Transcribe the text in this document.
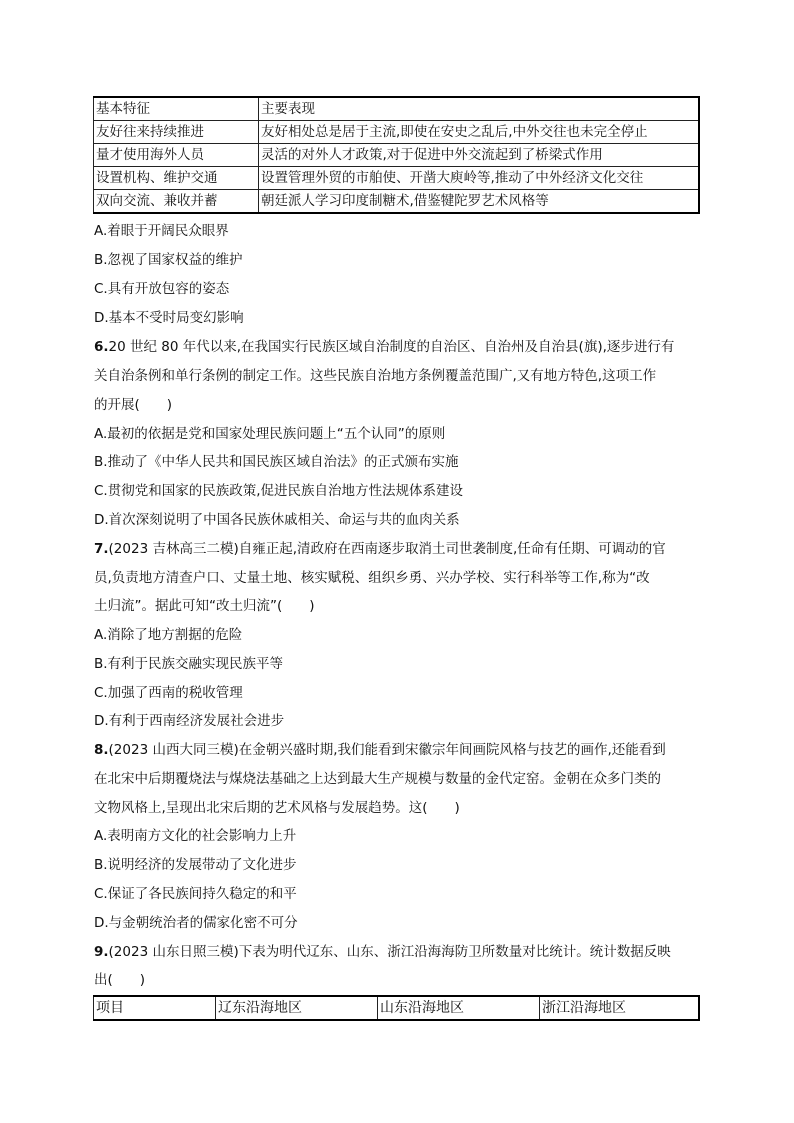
基本特征	主要表现
友好往来持续推进	友好相处总是居于主流,即使在安史之乱后,中外交往也未完全停止
量才使用海外人员	灵活的对外人才政策,对于促进中外交流起到了桥梁式作用
设置机构、维护交通	设置管理外贸的市舶使、开凿大庾岭等,推动了中外经济文化交往
双向交流、兼收并蓄	朝廷派人学习印度制糖术,借鉴犍陀罗艺术风格等
A.着眼于开阔民众眼界
B.忽视了国家权益的维护
C.具有开放包容的姿态
D.基本不受时局变幻影响
6.20 世纪 80 年代以来,在我国实行民族区域自治制度的自治区、自治州及自治县(旗),逐步进行有
关自治条例和单行条例的制定工作。这些民族自治地方条例覆盖范围广,又有地方特色,这项工作
的开展(　　)
A.最初的依据是党和国家处理民族问题上“五个认同”的原则
B.推动了《中华人民共和国民族区域自治法》的正式颁布实施
C.贯彻党和国家的民族政策,促进民族自治地方性法规体系建设
D.首次深刻说明了中国各民族休戚相关、命运与共的血肉关系
7.(2023 吉林高三二模)自雍正起,清政府在西南逐步取消土司世袭制度,任命有任期、可调动的官
员,负责地方清查户口、丈量土地、核实赋税、组织乡勇、兴办学校、实行科举等工作,称为“改
土归流”。据此可知“改土归流”(　　)
A.消除了地方割据的危险
B.有利于民族交融实现民族平等
C.加强了西南的税收管理
D.有利于西南经济发展社会进步
8.(2023 山西大同三模)在金朝兴盛时期,我们能看到宋徽宗年间画院风格与技艺的画作,还能看到
在北宋中后期覆烧法与煤烧法基础之上达到最大生产规模与数量的金代定窑。金朝在众多门类的
文物风格上,呈现出北宋后期的艺术风格与发展趋势。这(　　)
A.表明南方文化的社会影响力上升
B.说明经济的发展带动了文化进步
C.保证了各民族间持久稳定的和平
D.与金朝统治者的儒家化密不可分
9.(2023 山东日照三模)下表为明代辽东、山东、浙江沿海海防卫所数量对比统计。统计数据反映
出(　　)
项目	辽东沿海地区	山东沿海地区	浙江沿海地区
